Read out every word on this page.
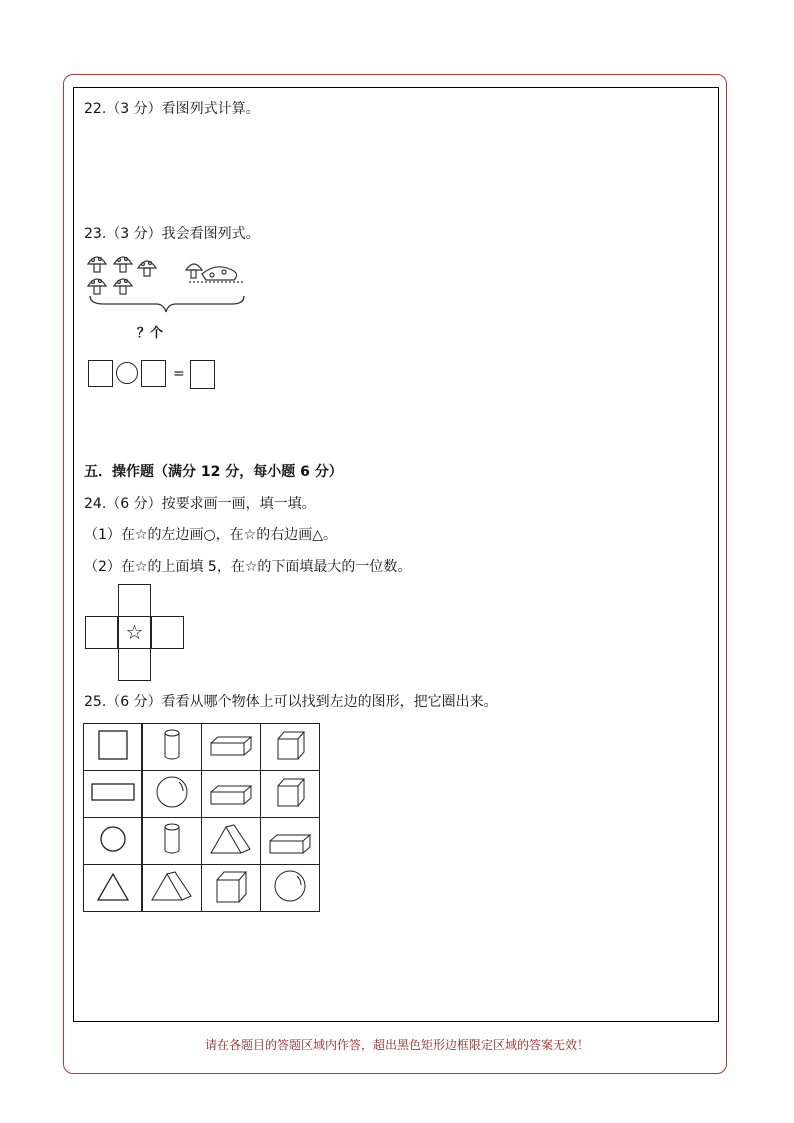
22.（3 分）看图列式计算。
23.（3 分）我会看图列式。
？个
=
五．操作题（满分 12 分，每小题 6 分）
24.（6 分）按要求画一画，填一填。
（1）在☆的左边画○，在☆的右边画△。
（2）在☆的上面填 5，在☆的下面填最大的一位数。
☆
25.（6 分）看看从哪个物体上可以找到左边的图形，把它圈出来。

请在各题目的答题区域内作答，超出黑色矩形边框限定区域的答案无效！
